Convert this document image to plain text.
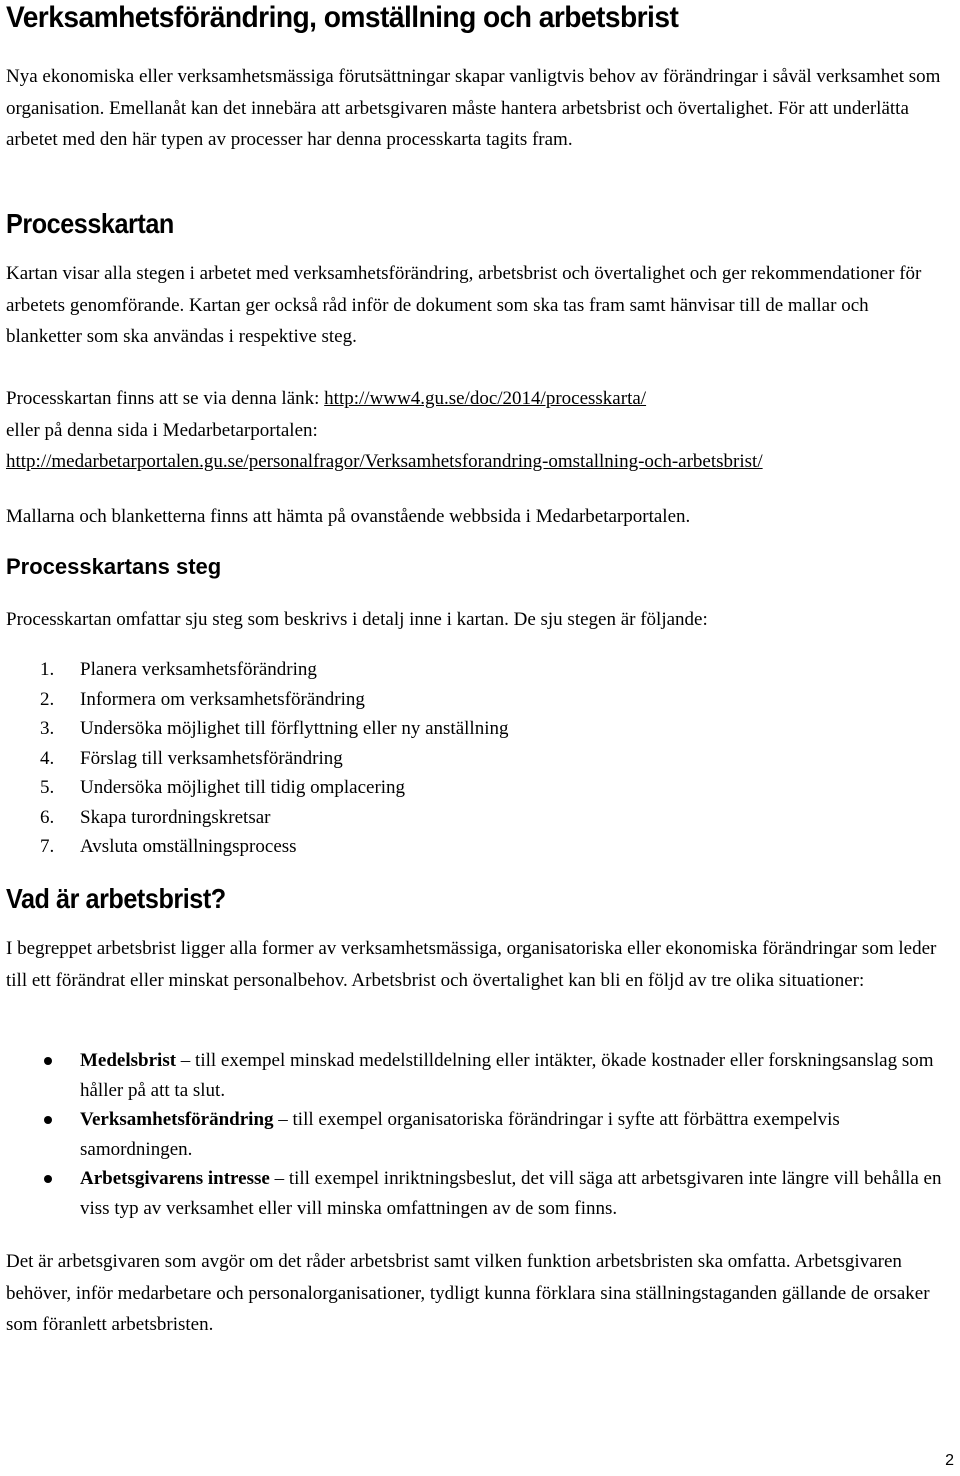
Verksamhetsförändring, omställning och arbetsbrist

Nya ekonomiska eller verksamhetsmässiga förutsättningar skapar vanligtvis behov av förändringar i såväl verksamhet som organisation. Emellanåt kan det innebära att arbetsgivaren måste hantera arbetsbrist och övertalighet. För att underlätta arbetet med den här typen av processer har denna processkarta tagits fram.

Processkartan

Kartan visar alla stegen i arbetet med verksamhetsförändring, arbetsbrist och övertalighet och ger rekommendationer för arbetets genomförande. Kartan ger också råd inför de dokument som ska tas fram samt hänvisar till de mallar och blanketter som ska användas i respektive steg.

Processkartan finns att se via denna länk: http://www4.gu.se/doc/2014/processkarta/
eller på denna sida i Medarbetarportalen:
http://medarbetarportalen.gu.se/personalfragor/Verksamhetsforandring-omstallning-och-arbetsbrist/

Mallarna och blanketterna finns att hämta på ovanstående webbsida i Medarbetarportalen.

Processkartans steg

Processkartan omfattar sju steg som beskrivs i detalj inne i kartan. De sju stegen är följande:

1. Planera verksamhetsförändring
2. Informera om verksamhetsförändring
3. Undersöka möjlighet till förflyttning eller ny anställning
4. Förslag till verksamhetsförändring
5. Undersöka möjlighet till tidig omplacering
6. Skapa turordningskretsar
7. Avsluta omställningsprocess
Vad är arbetsbrist?

I begreppet arbetsbrist ligger alla former av verksamhetsmässiga, organisatoriska eller ekonomiska förändringar som leder till ett förändrat eller minskat personalbehov. Arbetsbrist och övertalighet kan bli en följd av tre olika situationer:

Medelsbrist – till exempel minskad medelstilldelning eller intäkter, ökade kostnader eller forskningsanslag som håller på att ta slut.
Verksamhetsförändring – till exempel organisatoriska förändringar i syfte att förbättra exempelvis samordningen.
Arbetsgivarens intresse – till exempel inriktningsbeslut, det vill säga att arbetsgivaren inte längre vill behålla en viss typ av verksamhet eller vill minska omfattningen av de som finns.

Det är arbetsgivaren som avgör om det råder arbetsbrist samt vilken funktion arbetsbristen ska omfatta. Arbetsgivaren behöver, inför medarbetare och personalorganisationer, tydligt kunna förklara sina ställningstaganden gällande de orsaker som föranlett arbetsbristen.

2
